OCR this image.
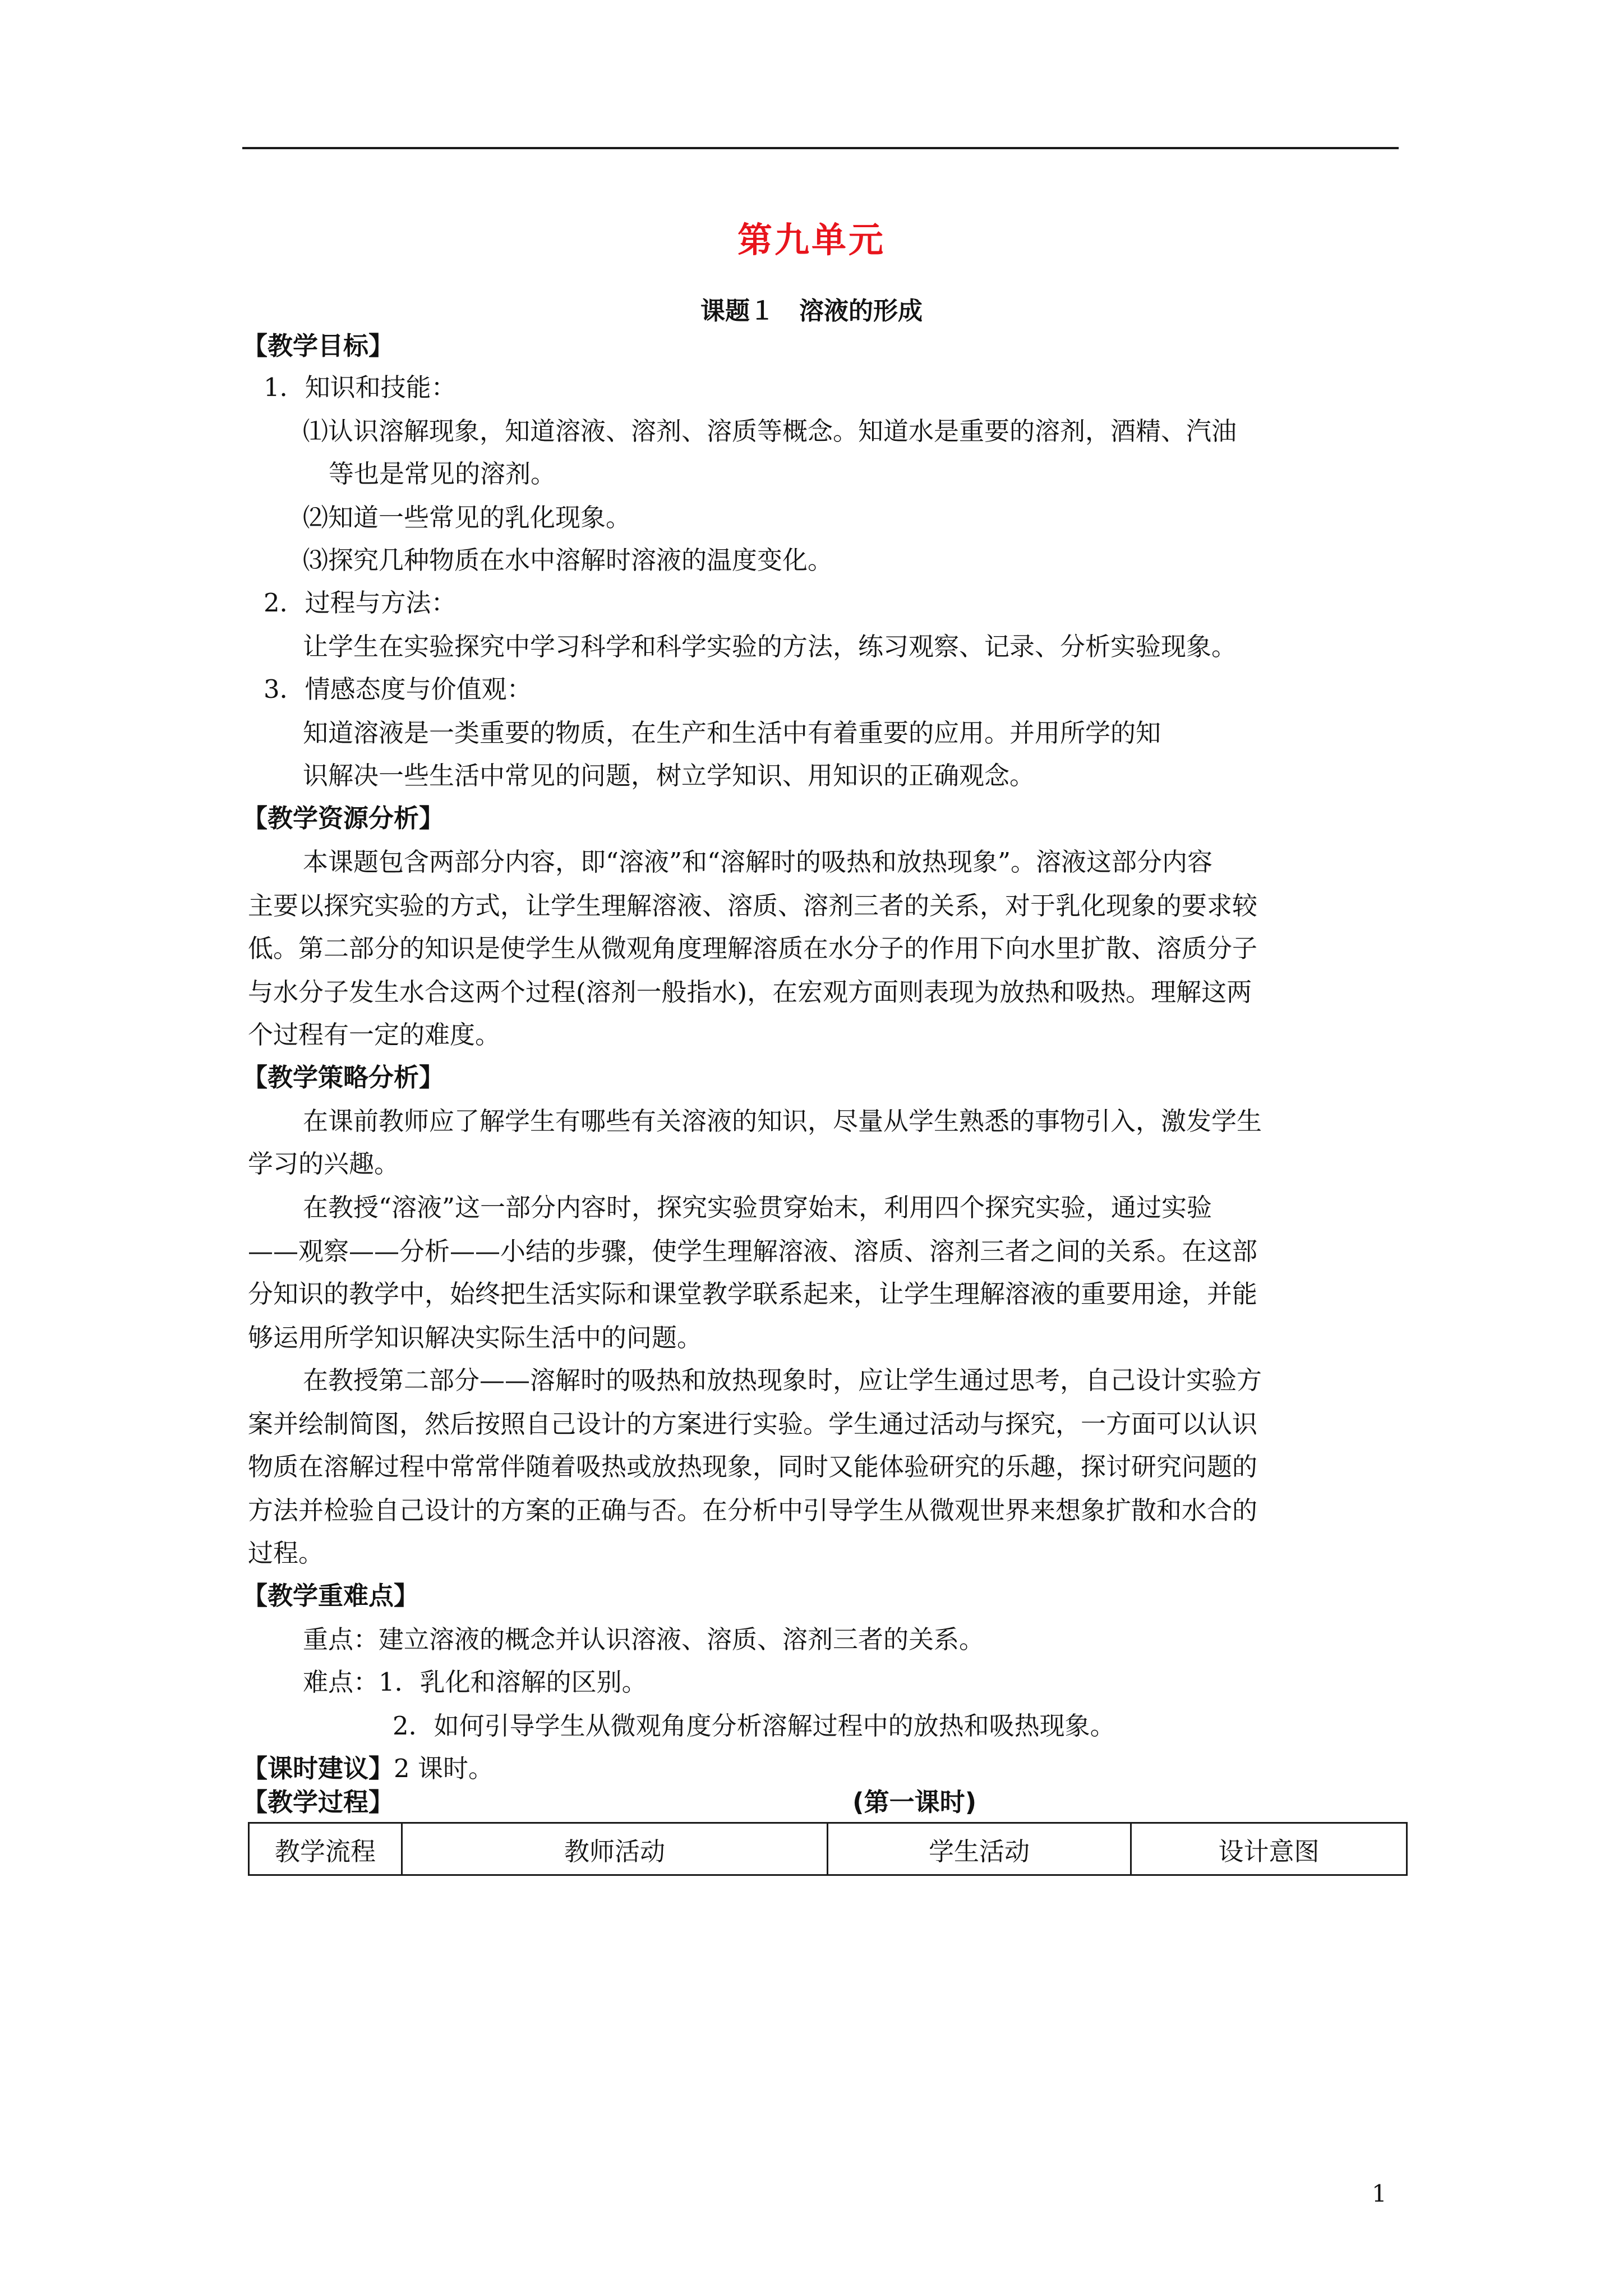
第九单元
课题１　溶液的形成
【教学目标】
1．知识和技能：
⑴认识溶解现象，知道溶液、溶剂、溶质等概念。知道水是重要的溶剂，酒精、汽油
等也是常见的溶剂。
⑵知道一些常见的乳化现象。
⑶探究几种物质在水中溶解时溶液的温度变化。
2．过程与方法：
让学生在实验探究中学习科学和科学实验的方法，练习观察、记录、分析实验现象。
3．情感态度与价值观：
知道溶液是一类重要的物质，在生产和生活中有着重要的应用。并用所学的知
识解决一些生活中常见的问题，树立学知识、用知识的正确观念。
【教学资源分析】
本课题包含两部分内容，即“溶液”和“溶解时的吸热和放热现象”。溶液这部分内容
主要以探究实验的方式，让学生理解溶液、溶质、溶剂三者的关系，对于乳化现象的要求较
低。第二部分的知识是使学生从微观角度理解溶质在水分子的作用下向水里扩散、溶质分子
与水分子发生水合这两个过程(溶剂一般指水)，在宏观方面则表现为放热和吸热。理解这两
个过程有一定的难度。
【教学策略分析】
在课前教师应了解学生有哪些有关溶液的知识，尽量从学生熟悉的事物引入，激发学生
学习的兴趣。
在教授“溶液”这一部分内容时，探究实验贯穿始末，利用四个探究实验，通过实验
——观察——分析——小结的步骤，使学生理解溶液、溶质、溶剂三者之间的关系。在这部
分知识的教学中，始终把生活实际和课堂教学联系起来，让学生理解溶液的重要用途，并能
够运用所学知识解决实际生活中的问题。
在教授第二部分——溶解时的吸热和放热现象时，应让学生通过思考，自己设计实验方
案并绘制简图，然后按照自己设计的方案进行实验。学生通过活动与探究，一方面可以认识
物质在溶解过程中常常伴随着吸热或放热现象，同时又能体验研究的乐趣，探讨研究问题的
方法并检验自己设计的方案的正确与否。在分析中引导学生从微观世界来想象扩散和水合的
过程。
【教学重难点】
重点：建立溶液的概念并认识溶液、溶质、溶剂三者的关系。
难点：1．乳化和溶解的区别。
2．如何引导学生从微观角度分析溶解过程中的放热和吸热现象。
【课时建议】2 课时。
【教学过程】	(第一课时)
教学流程	教师活动	学生活动	设计意图
1
